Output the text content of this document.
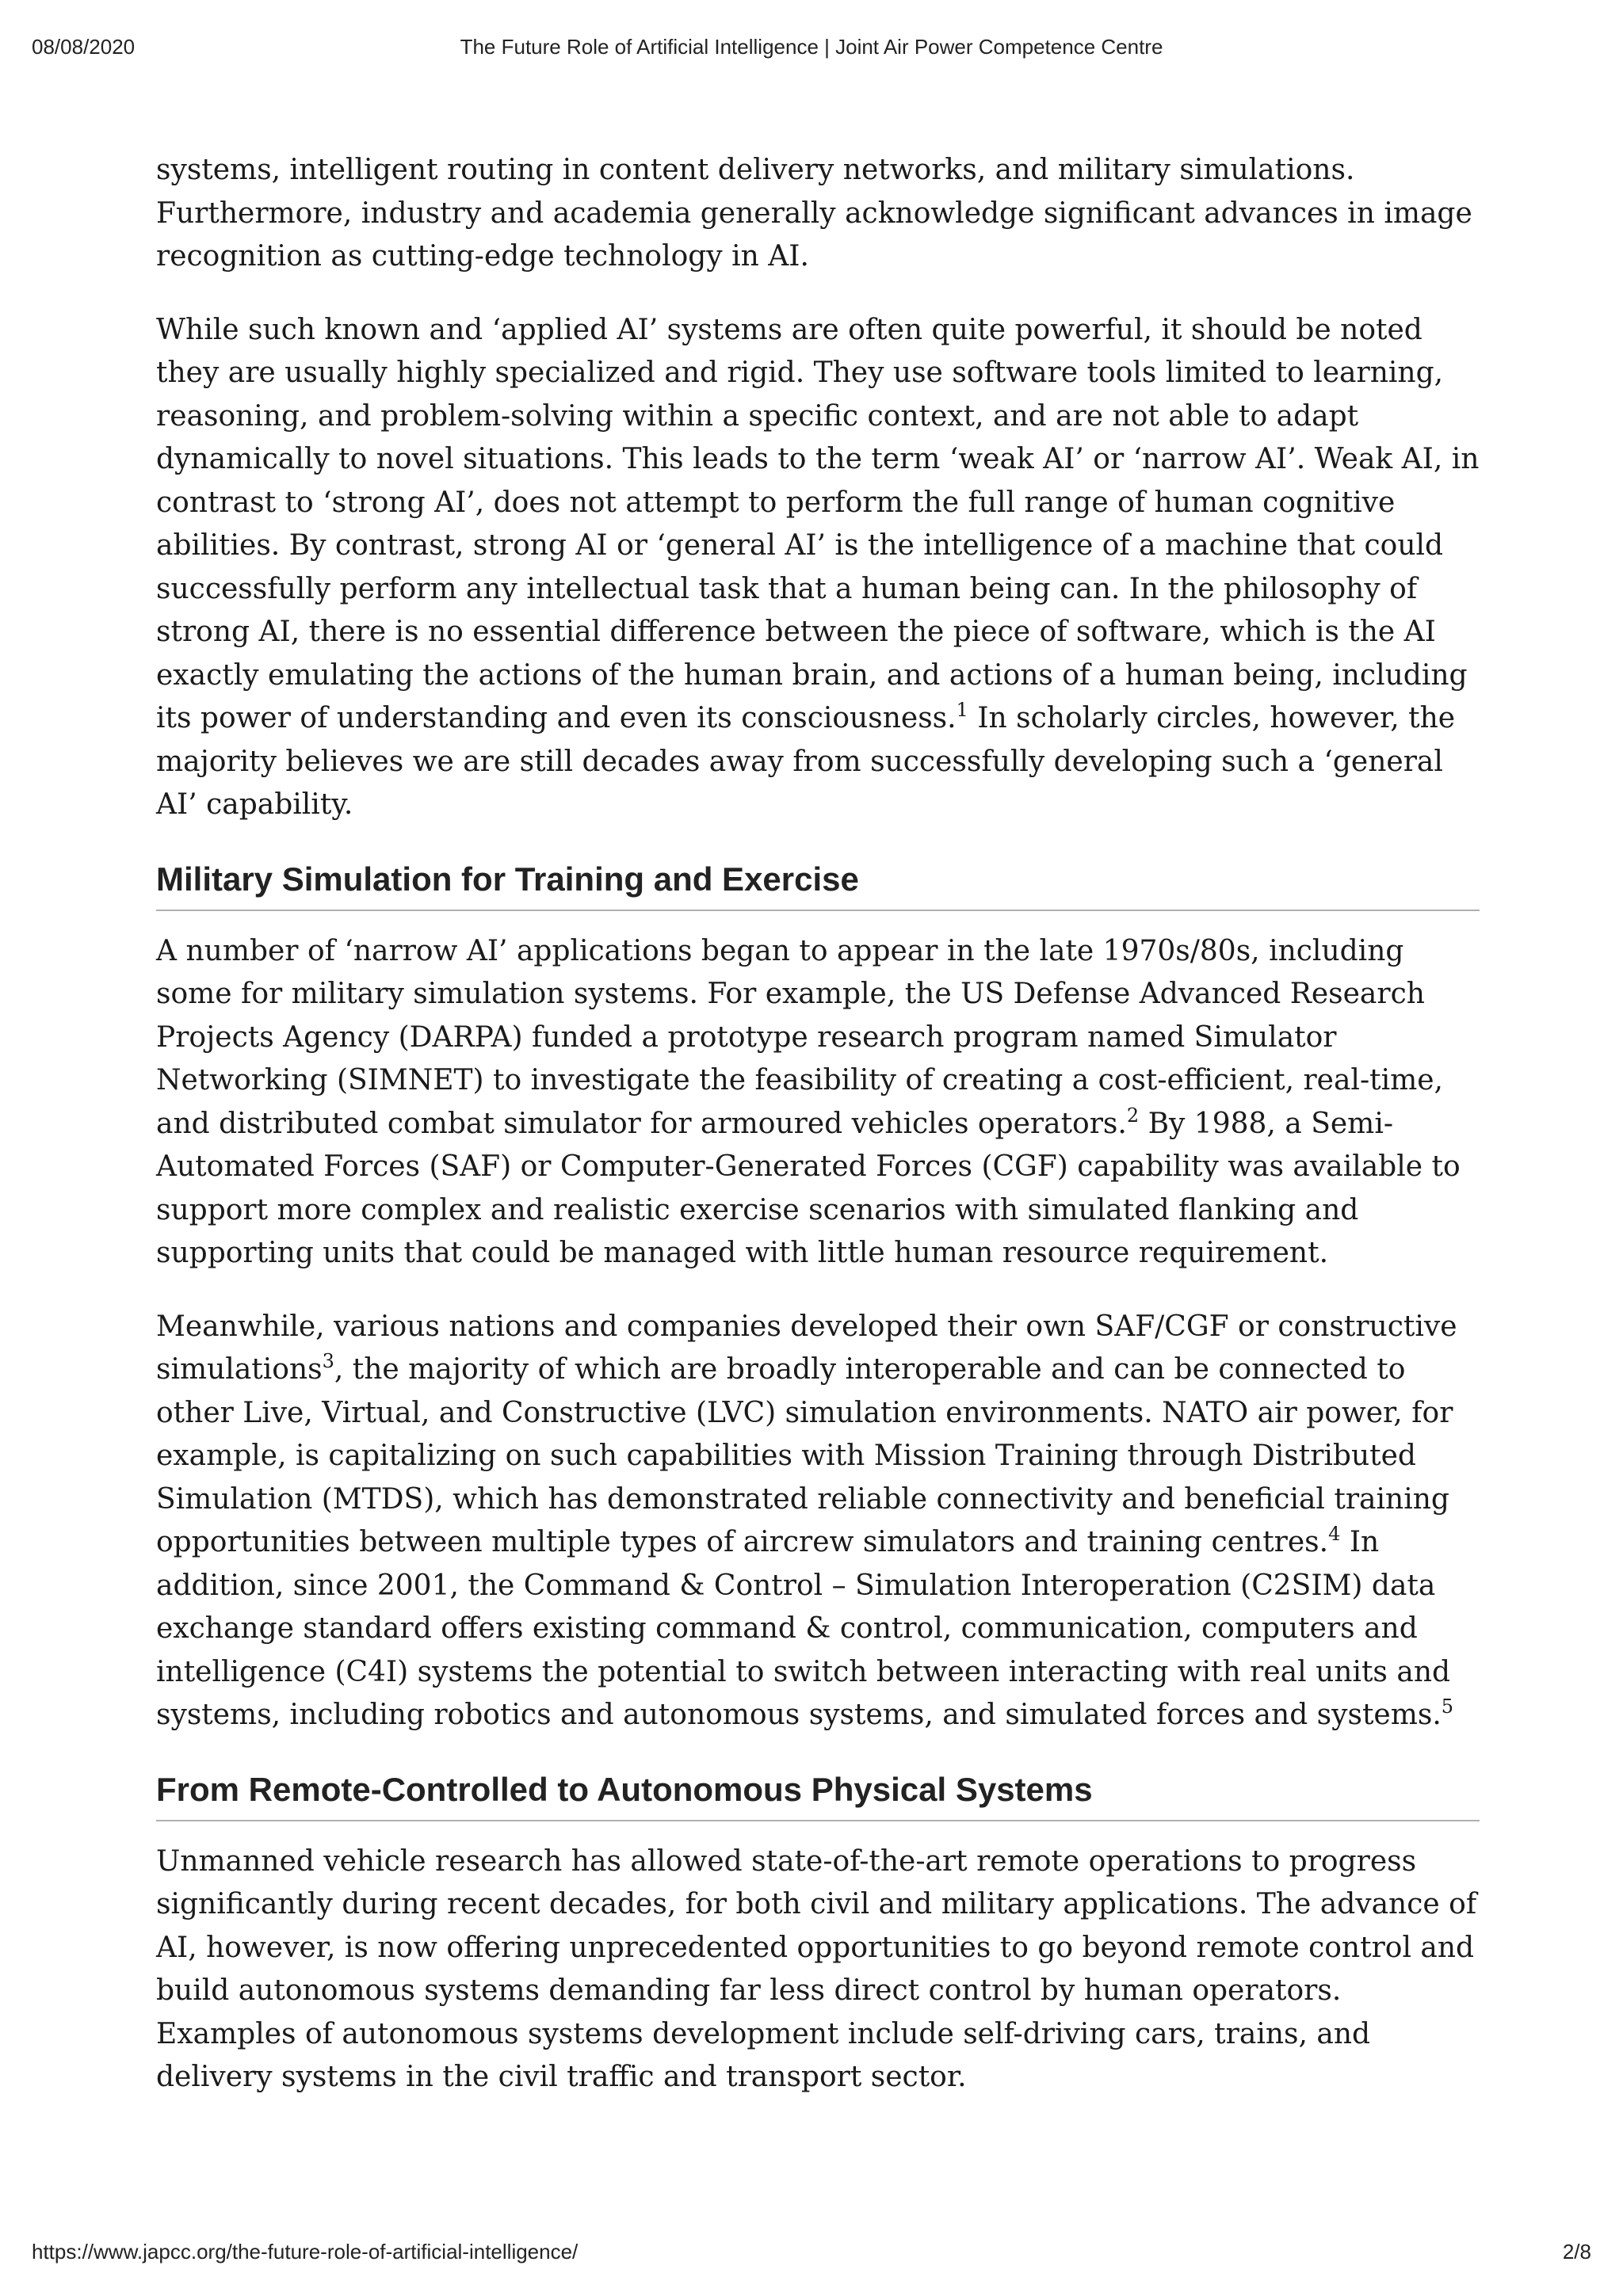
08/08/2020	The Future Role of Artificial Intelligence | Joint Air Power Competence Centre

systems, intelligent routing in content delivery networks, and military simulations. Furthermore, industry and academia generally acknowledge significant advances in image recognition as cutting-edge technology in AI.

While such known and ‘applied AI’ systems are often quite powerful, it should be noted they are usually highly specialized and rigid. They use software tools limited to learning, reasoning, and problem-solving within a specific context, and are not able to adapt dynamically to novel situations. This leads to the term ‘weak AI’ or ‘narrow AI’. Weak AI, in contrast to ‘strong AI’, does not attempt to perform the full range of human cognitive abilities. By contrast, strong AI or ‘general AI’ is the intelligence of a machine that could successfully perform any intellectual task that a human being can. In the philosophy of strong AI, there is no essential difference between the piece of software, which is the AI exactly emulating the actions of the human brain, and actions of a human being, including its power of understanding and even its consciousness.$^1$ In scholarly circles, however, the majority believes we are still decades away from successfully developing such a ‘general AI’ capability.

Military Simulation for Training and Exercise

A number of ‘narrow AI’ applications began to appear in the late 1970s/80s, including some for military simulation systems. For example, the US Defense Advanced Research Projects Agency (DARPA) funded a prototype research program named Simulator Networking (SIMNET) to investigate the feasibility of creating a cost-efficient, real-time, and distributed combat simulator for armoured vehicles operators.$^2$ By 1988, a Semi-Automated Forces (SAF) or Computer-Generated Forces (CGF) capability was available to support more complex and realistic exercise scenarios with simulated flanking and supporting units that could be managed with little human resource requirement.

Meanwhile, various nations and companies developed their own SAF/CGF or constructive simulations$^3$, the majority of which are broadly interoperable and can be connected to other Live, Virtual, and Constructive (LVC) simulation environments. NATO air power, for example, is capitalizing on such capabilities with Mission Training through Distributed Simulation (MTDS), which has demonstrated reliable connectivity and beneficial training opportunities between multiple types of aircrew simulators and training centres.$^4$ In addition, since 2001, the Command & Control – Simulation Interoperation (C2SIM) data exchange standard offers existing command & control, communication, computers and intelligence (C4I) systems the potential to switch between interacting with real units and systems, including robotics and autonomous systems, and simulated forces and systems.$^5$

From Remote-Controlled to Autonomous Physical Systems

Unmanned vehicle research has allowed state-of-the-art remote operations to progress significantly during recent decades, for both civil and military applications. The advance of AI, however, is now offering unprecedented opportunities to go beyond remote control and build autonomous systems demanding far less direct control by human operators. Examples of autonomous systems development include self-driving cars, trains, and delivery systems in the civil traffic and transport sector.

https://www.japcc.org/the-future-role-of-artificial-intelligence/	2/8
